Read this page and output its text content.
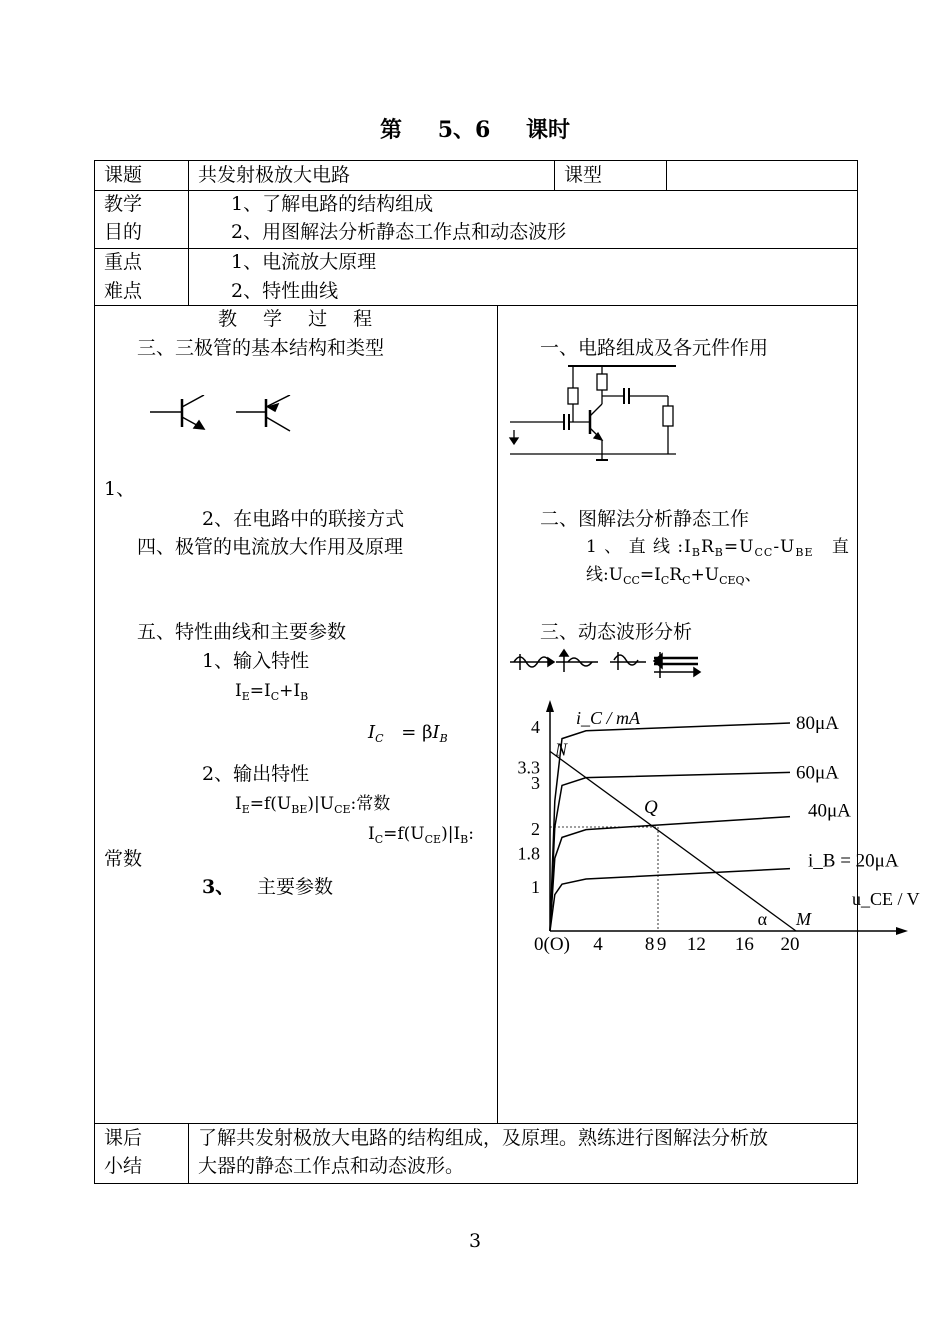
第 5、6 课时
课题	共发射极放大电路	课型
教学
目的
1、了解电路的结构组成
2、用图解法分析静态工作点和动态波形
重点
难点
1、电流放大原理
2、特性曲线
教 学 过 程
三、三极管的基本结构和类型
1、
2、在电路中的联接方式
四、极管的电流放大作用及原理
五、特性曲线和主要参数
1、输入特性
$I_E=I_C+I_B$
$I_C = \beta I_B$
2、输出特性
$I_E=f(U_{BE})|U_{CE}$:常数
$I_C=f(U_{CE})|I_B$:
常数
3、 主要参数
一、电路组成及各元件作用
二、图解法分析静态工作
1 、 直 线 $:I_BR_B=U_{CC}-U_{BE}$ 直
线$:U_{CC}=I_CR_C+U_{CEQ}$、
三、动态波形分析
80μA
60μA
40μA
i_B = 20μA
4
3.3
3
2
1.8
1
0(O) 4 8 9 12 16 20
i_C / mA
u_CE / V
N
M
α
Q
课后
小结
了解共发射极放大电路的结构组成，及原理。熟练进行图解法分析放
大器的静态工作点和动态波形。
3
